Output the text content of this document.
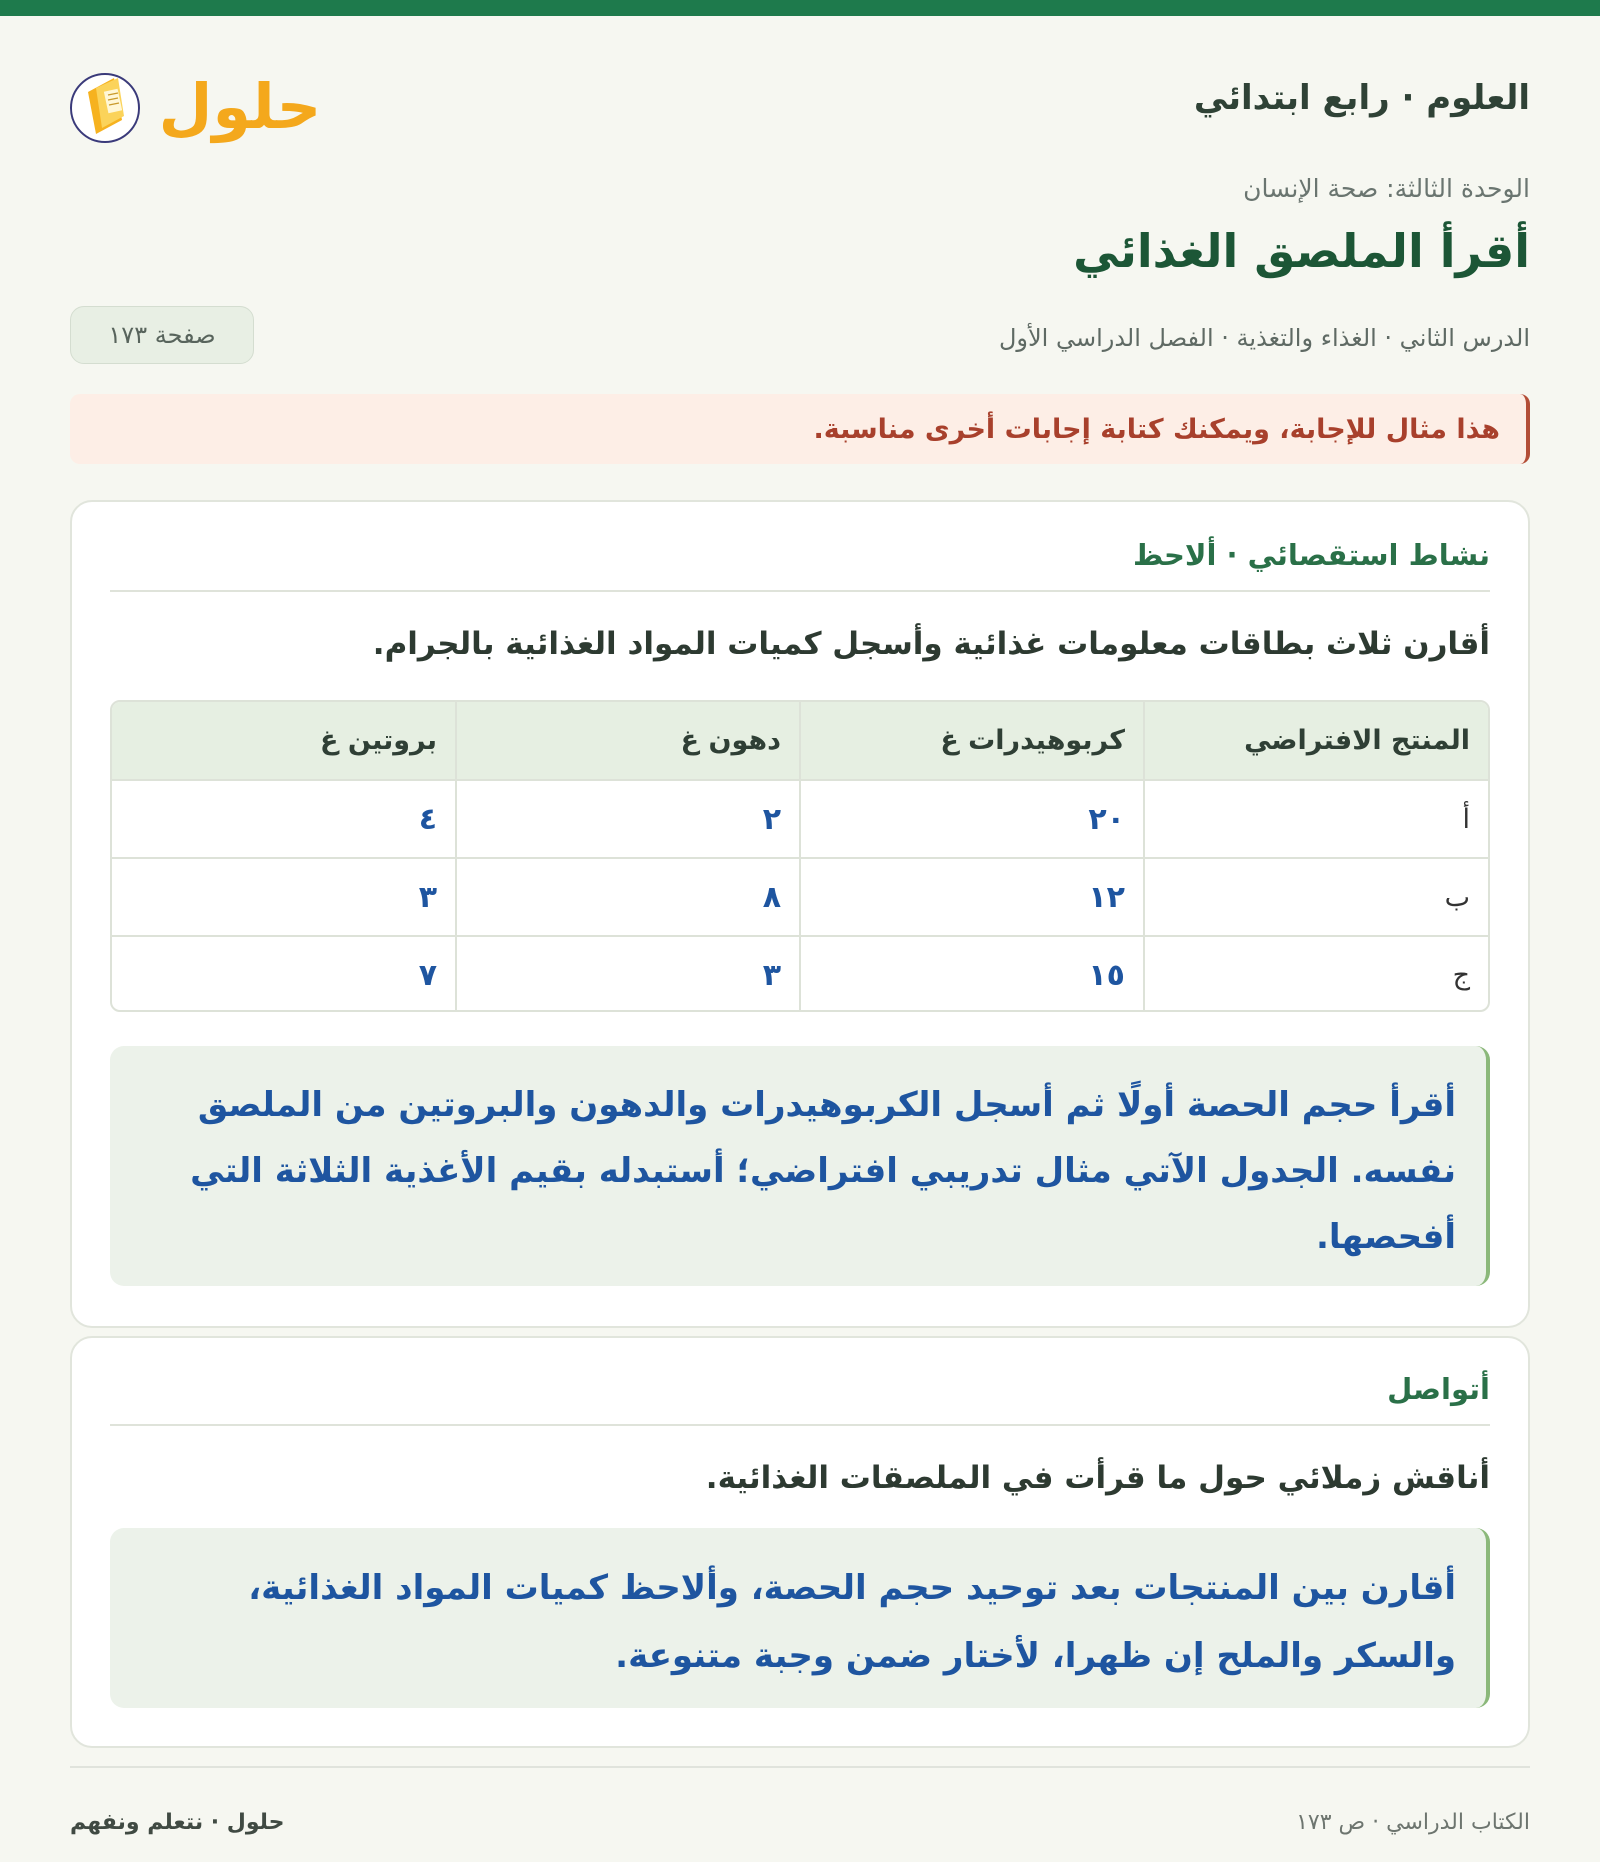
العلوم · رابع ابتدائي
حلول
الوحدة الثالثة: صحة الإنسان
أقرأ الملصق الغذائي
الدرس الثاني · الغذاء والتغذية · الفصل الدراسي الأول
صفحة ١٧٣
هذا مثال للإجابة، ويمكنك كتابة إجابات أخرى مناسبة.
نشاط استقصائي · ألاحظ
أقارن ثلاث بطاقات معلومات غذائية وأسجل كميات المواد الغذائية بالجرام.
المنتج الافتراضي	كربوهيدرات غ	دهون غ	بروتين غ
أ	٢٠	٢	٤
ب	١٢	٨	٣
ج	١٥	٣	٧
أقرأ حجم الحصة أولًا ثم أسجل الكربوهيدرات والدهون والبروتين من الملصق نفسه. الجدول الآتي مثال تدريبي افتراضي؛ أستبدله بقيم الأغذية الثلاثة التي أفحصها.
أتواصل
أناقش زملائي حول ما قرأت في الملصقات الغذائية.
أقارن بين المنتجات بعد توحيد حجم الحصة، وألاحظ كميات المواد الغذائية، والسكر والملح إن ظهرا، لأختار ضمن وجبة متنوعة.
الكتاب الدراسي · ص ١٧٣
حلول · نتعلم ونفهم
